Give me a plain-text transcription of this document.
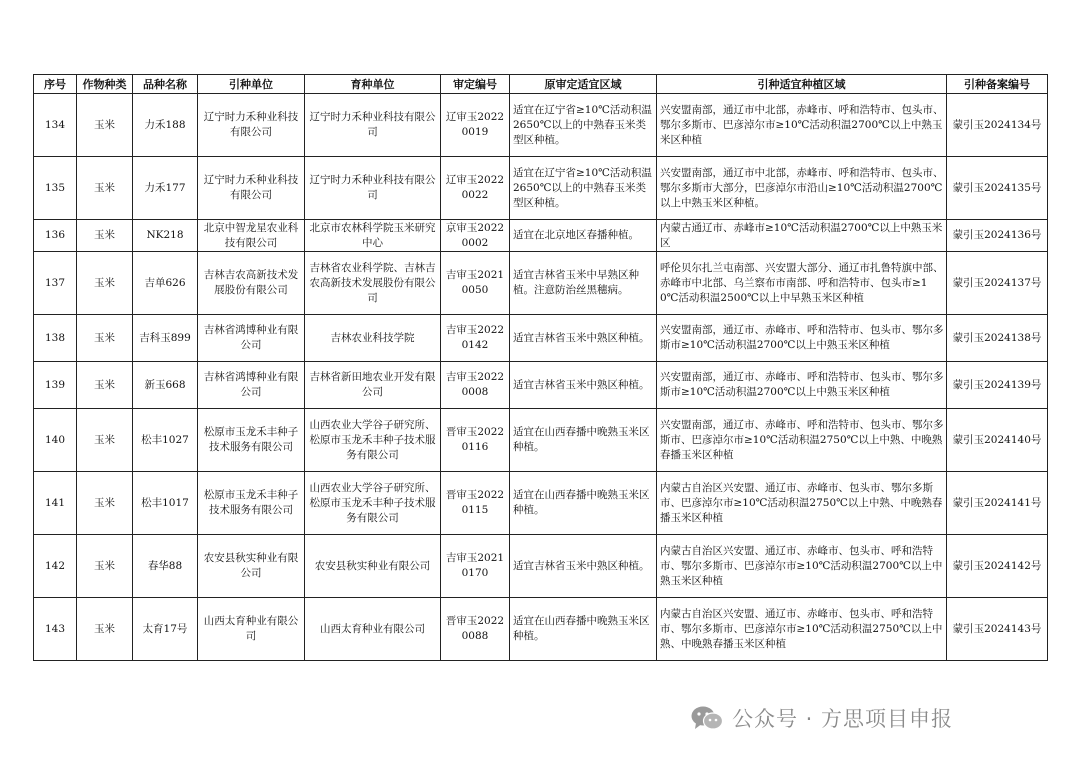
序号	作物种类	品种名称	引种单位	育种单位	审定编号	原审定适宜区域	引种适宜种植区域	引种备案编号
134	玉米	力禾188	辽宁时力禾种业科技有限公司	辽宁时力禾种业科技有限公司	辽审玉20220019	适宜在辽宁省≥10℃活动积温2650℃以上的中熟春玉米类型区种植。	兴安盟南部，通辽市中北部，赤峰市、呼和浩特市、包头市、鄂尔多斯市、巴彦淖尔市≥10℃活动积温2700℃以上中熟玉米区种植	蒙引玉2024134号
135	玉米	力禾177	辽宁时力禾种业科技有限公司	辽宁时力禾种业科技有限公司	辽审玉20220022	适宜在辽宁省≥10℃活动积温2650℃以上的中熟春玉米类型区种植。	兴安盟南部，通辽市中北部，赤峰市、呼和浩特市、包头市、鄂尔多斯市大部分，巴彦淖尔市沿山≥10℃活动积温2700℃以上中熟玉米区种植。	蒙引玉2024135号
136	玉米	NK218	北京中智龙星农业科技有限公司	北京市农林科学院玉米研究中心	京审玉20220002	适宜在北京地区春播种植。	内蒙古通辽市、赤峰市≥10℃活动积温2700℃以上中熟玉米区	蒙引玉2024136号
137	玉米	吉单626	吉林吉农高新技术发展股份有限公司	吉林省农业科学院、吉林吉农高新技术发展股份有限公司	吉审玉20210050	适宜吉林省玉米中早熟区种植。注意防治丝黑穗病。	呼伦贝尔扎兰屯南部、兴安盟大部分、通辽市扎鲁特旗中部、赤峰市中北部、乌兰察布市南部、呼和浩特市、包头市≥10℃活动积温2500℃以上中早熟玉米区种植	蒙引玉2024137号
138	玉米	吉科玉899	吉林省鸿博种业有限公司	吉林农业科技学院	吉审玉20220142	适宜吉林省玉米中熟区种植。	兴安盟南部，通辽市、赤峰市、呼和浩特市、包头市、鄂尔多斯市≥10℃活动积温2700℃以上中熟玉米区种植	蒙引玉2024138号
139	玉米	新玉668	吉林省鸿博种业有限公司	吉林省新田地农业开发有限公司	吉审玉20220008	适宜吉林省玉米中熟区种植。	兴安盟南部，通辽市、赤峰市、呼和浩特市、包头市、鄂尔多斯市≥10℃活动积温2700℃以上中熟玉米区种植	蒙引玉2024139号
140	玉米	松丰1027	松原市玉龙禾丰种子技术服务有限公司	山西农业大学谷子研究所、松原市玉龙禾丰种子技术服务有限公司	晋审玉20220116	适宜在山西春播中晚熟玉米区种植。	兴安盟南部，通辽市、赤峰市、呼和浩特市、包头市、鄂尔多斯市、巴彦淖尔市≥10℃活动积温2750℃以上中熟、中晚熟春播玉米区种植	蒙引玉2024140号
141	玉米	松丰1017	松原市玉龙禾丰种子技术服务有限公司	山西农业大学谷子研究所、松原市玉龙禾丰种子技术服务有限公司	晋审玉20220115	适宜在山西春播中晚熟玉米区种植。	内蒙古自治区兴安盟、通辽市、赤峰市、包头市、鄂尔多斯市、巴彦淖尔市≥10℃活动积温2750℃以上中熟、中晚熟春播玉米区种植	蒙引玉2024141号
142	玉米	春华88	农安县秋实种业有限公司	农安县秋实种业有限公司	吉审玉20210170	适宜吉林省玉米中熟区种植。	内蒙古自治区兴安盟、通辽市、赤峰市、包头市、呼和浩特市、鄂尔多斯市、巴彦淖尔市≥10℃活动积温2700℃以上中熟玉米区种植	蒙引玉2024142号
143	玉米	太育17号	山西太育种业有限公司	山西太育种业有限公司	晋审玉20220088	适宜在山西春播中晚熟玉米区种植。	内蒙古自治区兴安盟、通辽市、赤峰市、包头市、呼和浩特市、鄂尔多斯市、巴彦淖尔市≥10℃活动积温2750℃以上中熟、中晚熟春播玉米区种植	蒙引玉2024143号
公众号 · 方思项目申报
